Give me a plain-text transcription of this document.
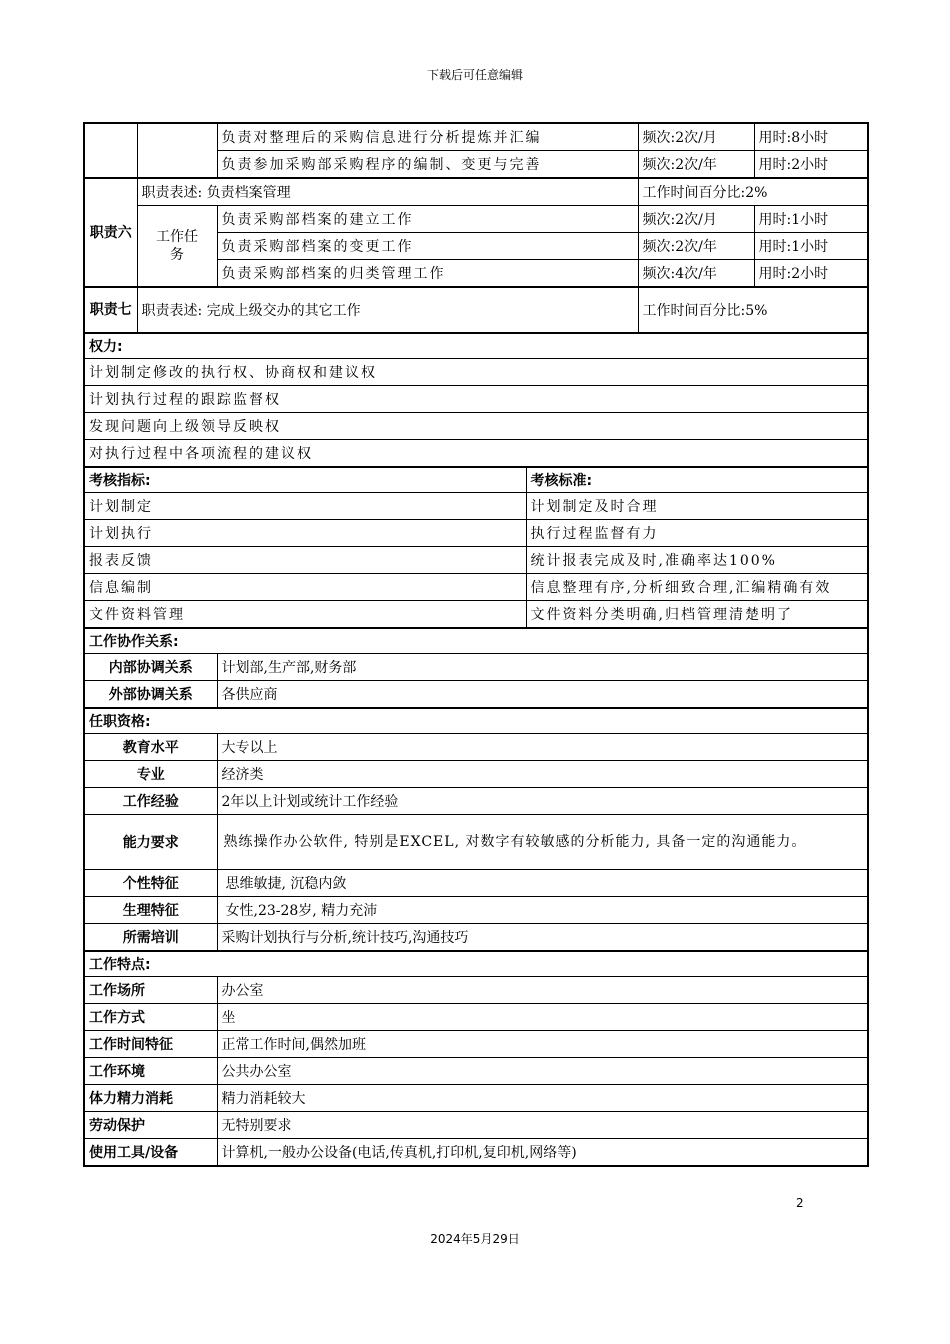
下载后可任意编辑
		负责对整理后的采购信息进行分析提炼并汇编		频次:2次/月	用时:8小时
		负责参加采购部采购程序的编制、变更与完善		频次:2次/年	用时:2小时
职责六	职责表述: 负责档案管理			工作时间百分比:2%	
	工作任务	负责采购部档案的建立工作		频次:2次/月	用时:1小时
		负责采购部档案的变更工作		频次:2次/年	用时:1小时
		负责采购部档案的归类管理工作		频次:4次/年	用时:2小时
职责七	职责表述: 完成上级交办的其它工作			工作时间百分比:5%	
权力:					
计划制定修改的执行权、协商权和建议权					
计划执行过程的跟踪监督权					
发现问题向上级领导反映权					
对执行过程中各项流程的建议权					
考核指标:			考核标准:		
计划制定			计划制定及时合理		
计划执行			执行过程监督有力		
报表反馈			统计报表完成及时,准确率达100%		
信息编制			信息整理有序,分析细致合理,汇编精确有效		
文件资料管理			文件资料分类明确,归档管理清楚明了		
工作协作关系:					
内部协调关系		计划部,生产部,财务部			
外部协调关系		各供应商			
任职资格:					
教育水平		大专以上			
专业		经济类			
工作经验		2年以上计划或统计工作经验			
能力要求		熟练操作办公软件, 特别是EXCEL, 对数字有较敏感的分析能力, 具备一定的沟通能力。			
个性特征		思维敏捷, 沉稳内敛			
生理特征		女性,23-28岁, 精力充沛			
所需培训		采购计划执行与分析,统计技巧,沟通技巧			
工作特点:					
工作场所		办公室			
工作方式		坐			
工作时间特征		正常工作时间,偶然加班			
工作环境		公共办公室			
体力精力消耗		精力消耗较大			
劳动保护		无特别要求			
使用工具/设备		计算机,一般办公设备(电话,传真机,打印机,复印机,网络等)			
2
2024年5月29日
